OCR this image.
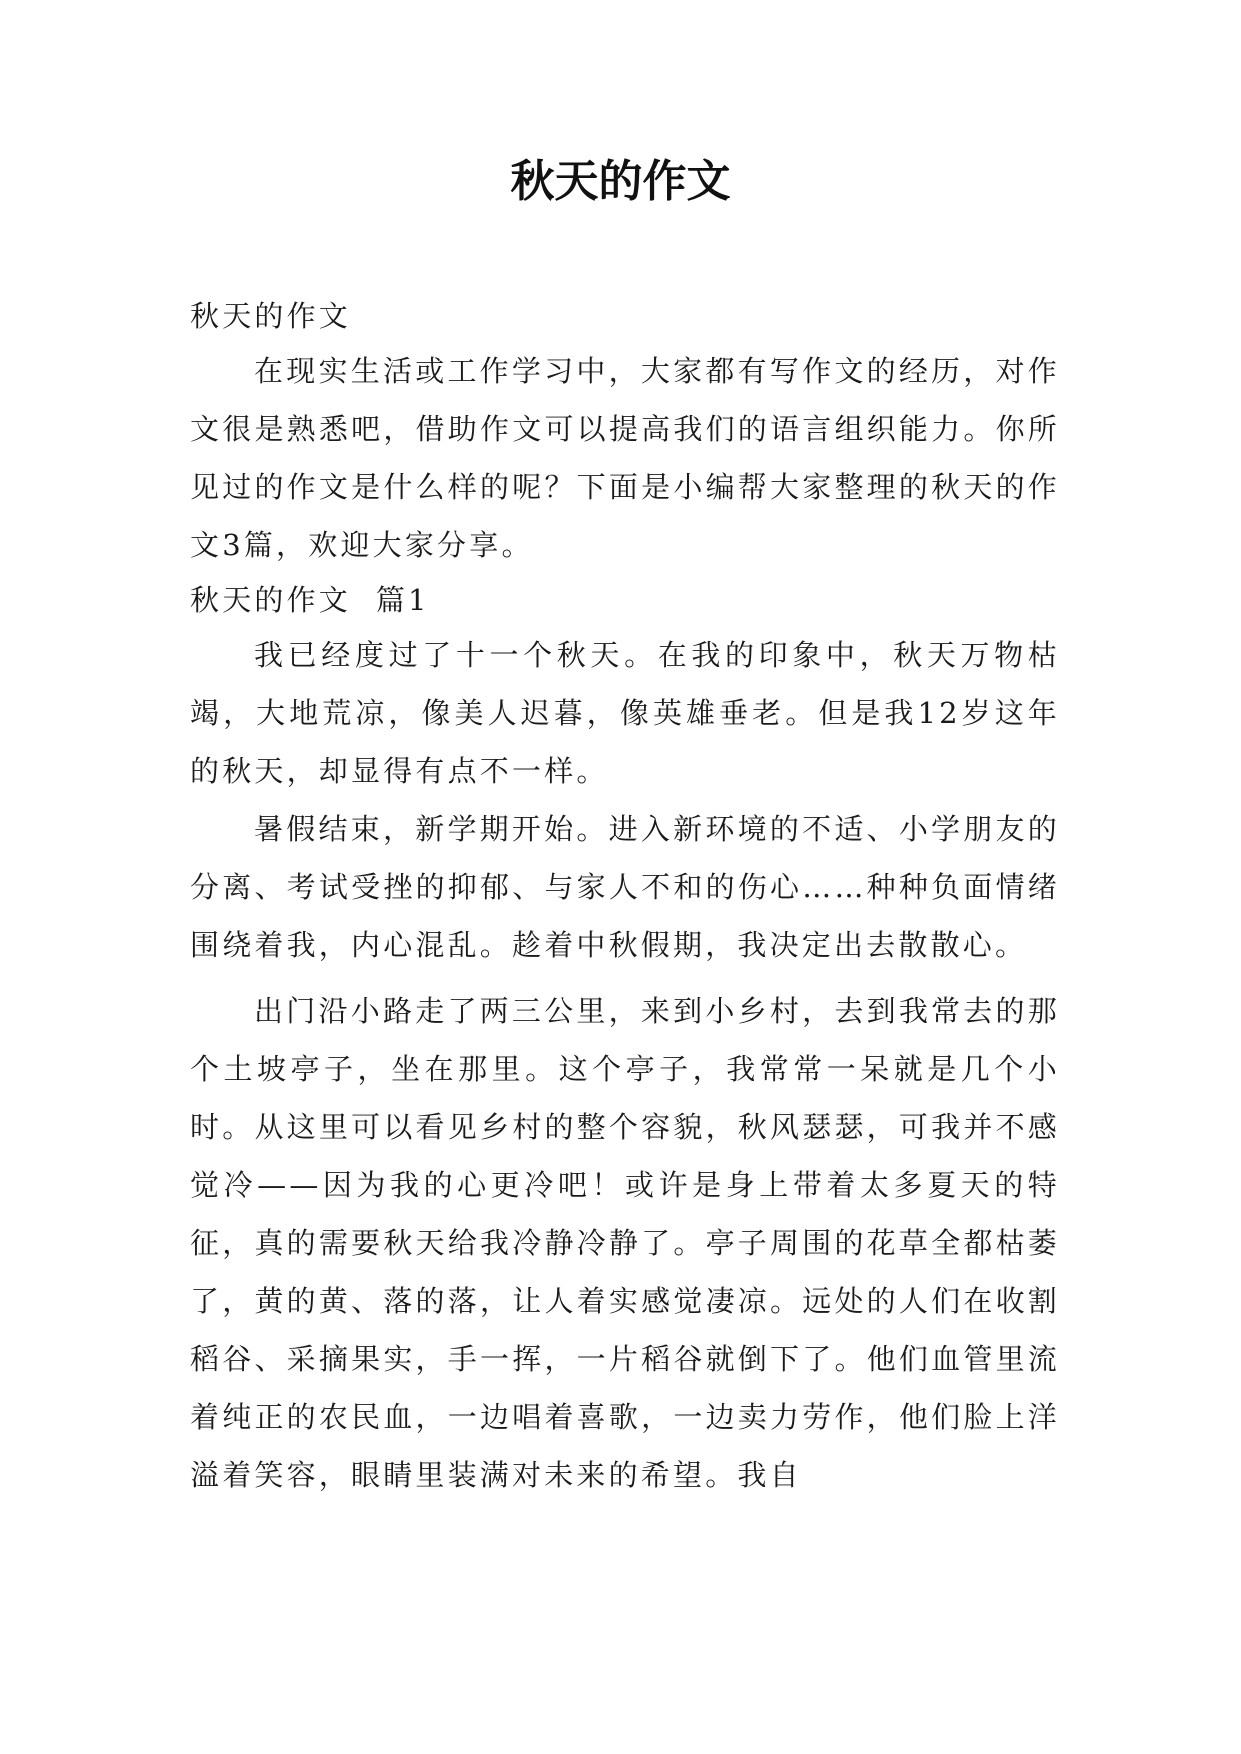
秋天的作文

秋天的作文

在现实生活或工作学习中，大家都有写作文的经历，对作文很是熟悉吧，借助作文可以提高我们的语言组织能力。你所见过的作文是什么样的呢？下面是小编帮大家整理的秋天的作文3篇，欢迎大家分享。

秋天的作文  篇1

我已经度过了十一个秋天。在我的印象中，秋天万物枯竭，大地荒凉，像美人迟暮，像英雄垂老。但是我12岁这年的秋天，却显得有点不一样。

暑假结束，新学期开始。进入新环境的不适、小学朋友的分离、考试受挫的抑郁、与家人不和的伤心……种种负面情绪围绕着我，内心混乱。趁着中秋假期，我决定出去散散心。

出门沿小路走了两三公里，来到小乡村，去到我常去的那个土坡亭子，坐在那里。这个亭子，我常常一呆就是几个小时。从这里可以看见乡村的整个容貌，秋风瑟瑟，可我并不感觉冷——因为我的心更冷吧！或许是身上带着太多夏天的特征，真的需要秋天给我冷静冷静了。亭子周围的花草全都枯萎了，黄的黄、落的落，让人着实感觉凄凉。远处的人们在收割稻谷、采摘果实，手一挥，一片稻谷就倒下了。他们血管里流着纯正的农民血，一边唱着喜歌，一边卖力劳作，他们脸上洋溢着笑容，眼睛里装满对未来的希望。我自
